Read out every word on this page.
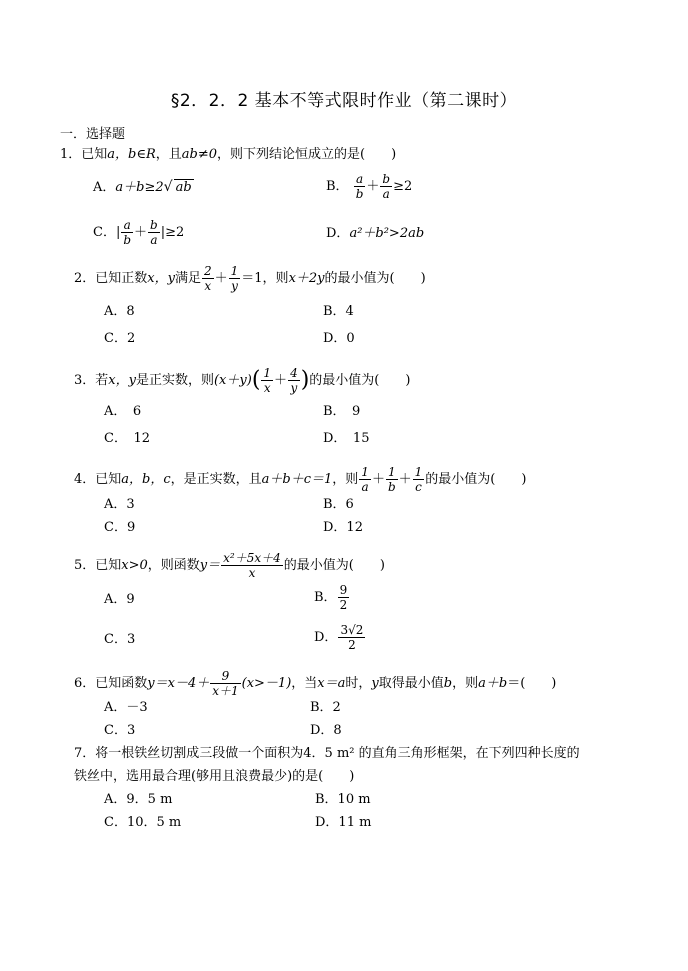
§2．2．2 基本不等式限时作业（第二课时）
一．选择题
1．已知a，b∈R，且ab≠0，则下列结论恒成立的是(　　)
A．a＋b≥2√ ab	B． $\frac{a}{b} + \frac{b}{a} \ge 2$
C．| $\frac{a}{b} + \frac{b}{a} |\ge 2$	D．a²＋b²>2ab
2．已知正数x，y满足 $\frac{2}{x} + \frac{1}{y} =1$，则x＋2y的最小值为(　　)
A．8	B．4
C．2	D．0
3．若x，y是正实数，则$(x+y)( \frac{1}{x} + \frac{4}{y}$ )的最小值为(　　)
A．　6	B．　9
C．　12	D．　15
4．已知a，b，c，是正实数，且a＋b＋c＝1，则 $\frac{1}{a} + \frac{1}{b} + \frac{1}{c}$ 的最小值为(　　)
A．3	B．6
C．9	D．12
5．已知x>0，则函数$y= \frac{\text{x²＋5x＋4}}{x}$ 的最小值为(　　)
A．9	B． $\frac{9}{2}$
C．3	D． $\frac{3√2}{2}$
6．已知函数$y=x-4+ \frac{9}{x+1} (x>-1)$，当x＝a时，y取得最小值b，则a＋b＝(　　)
A．－3	B．2
C．3	D．8
7．将一根铁丝切割成三段做一个面积为4．5 m² 的直角三角形框架，在下列四种长度的
铁丝中，选用最合理(够用且浪费最少)的是(　　)
A．9．5 m	B．10 m
C．10．5 m	D．11 m
